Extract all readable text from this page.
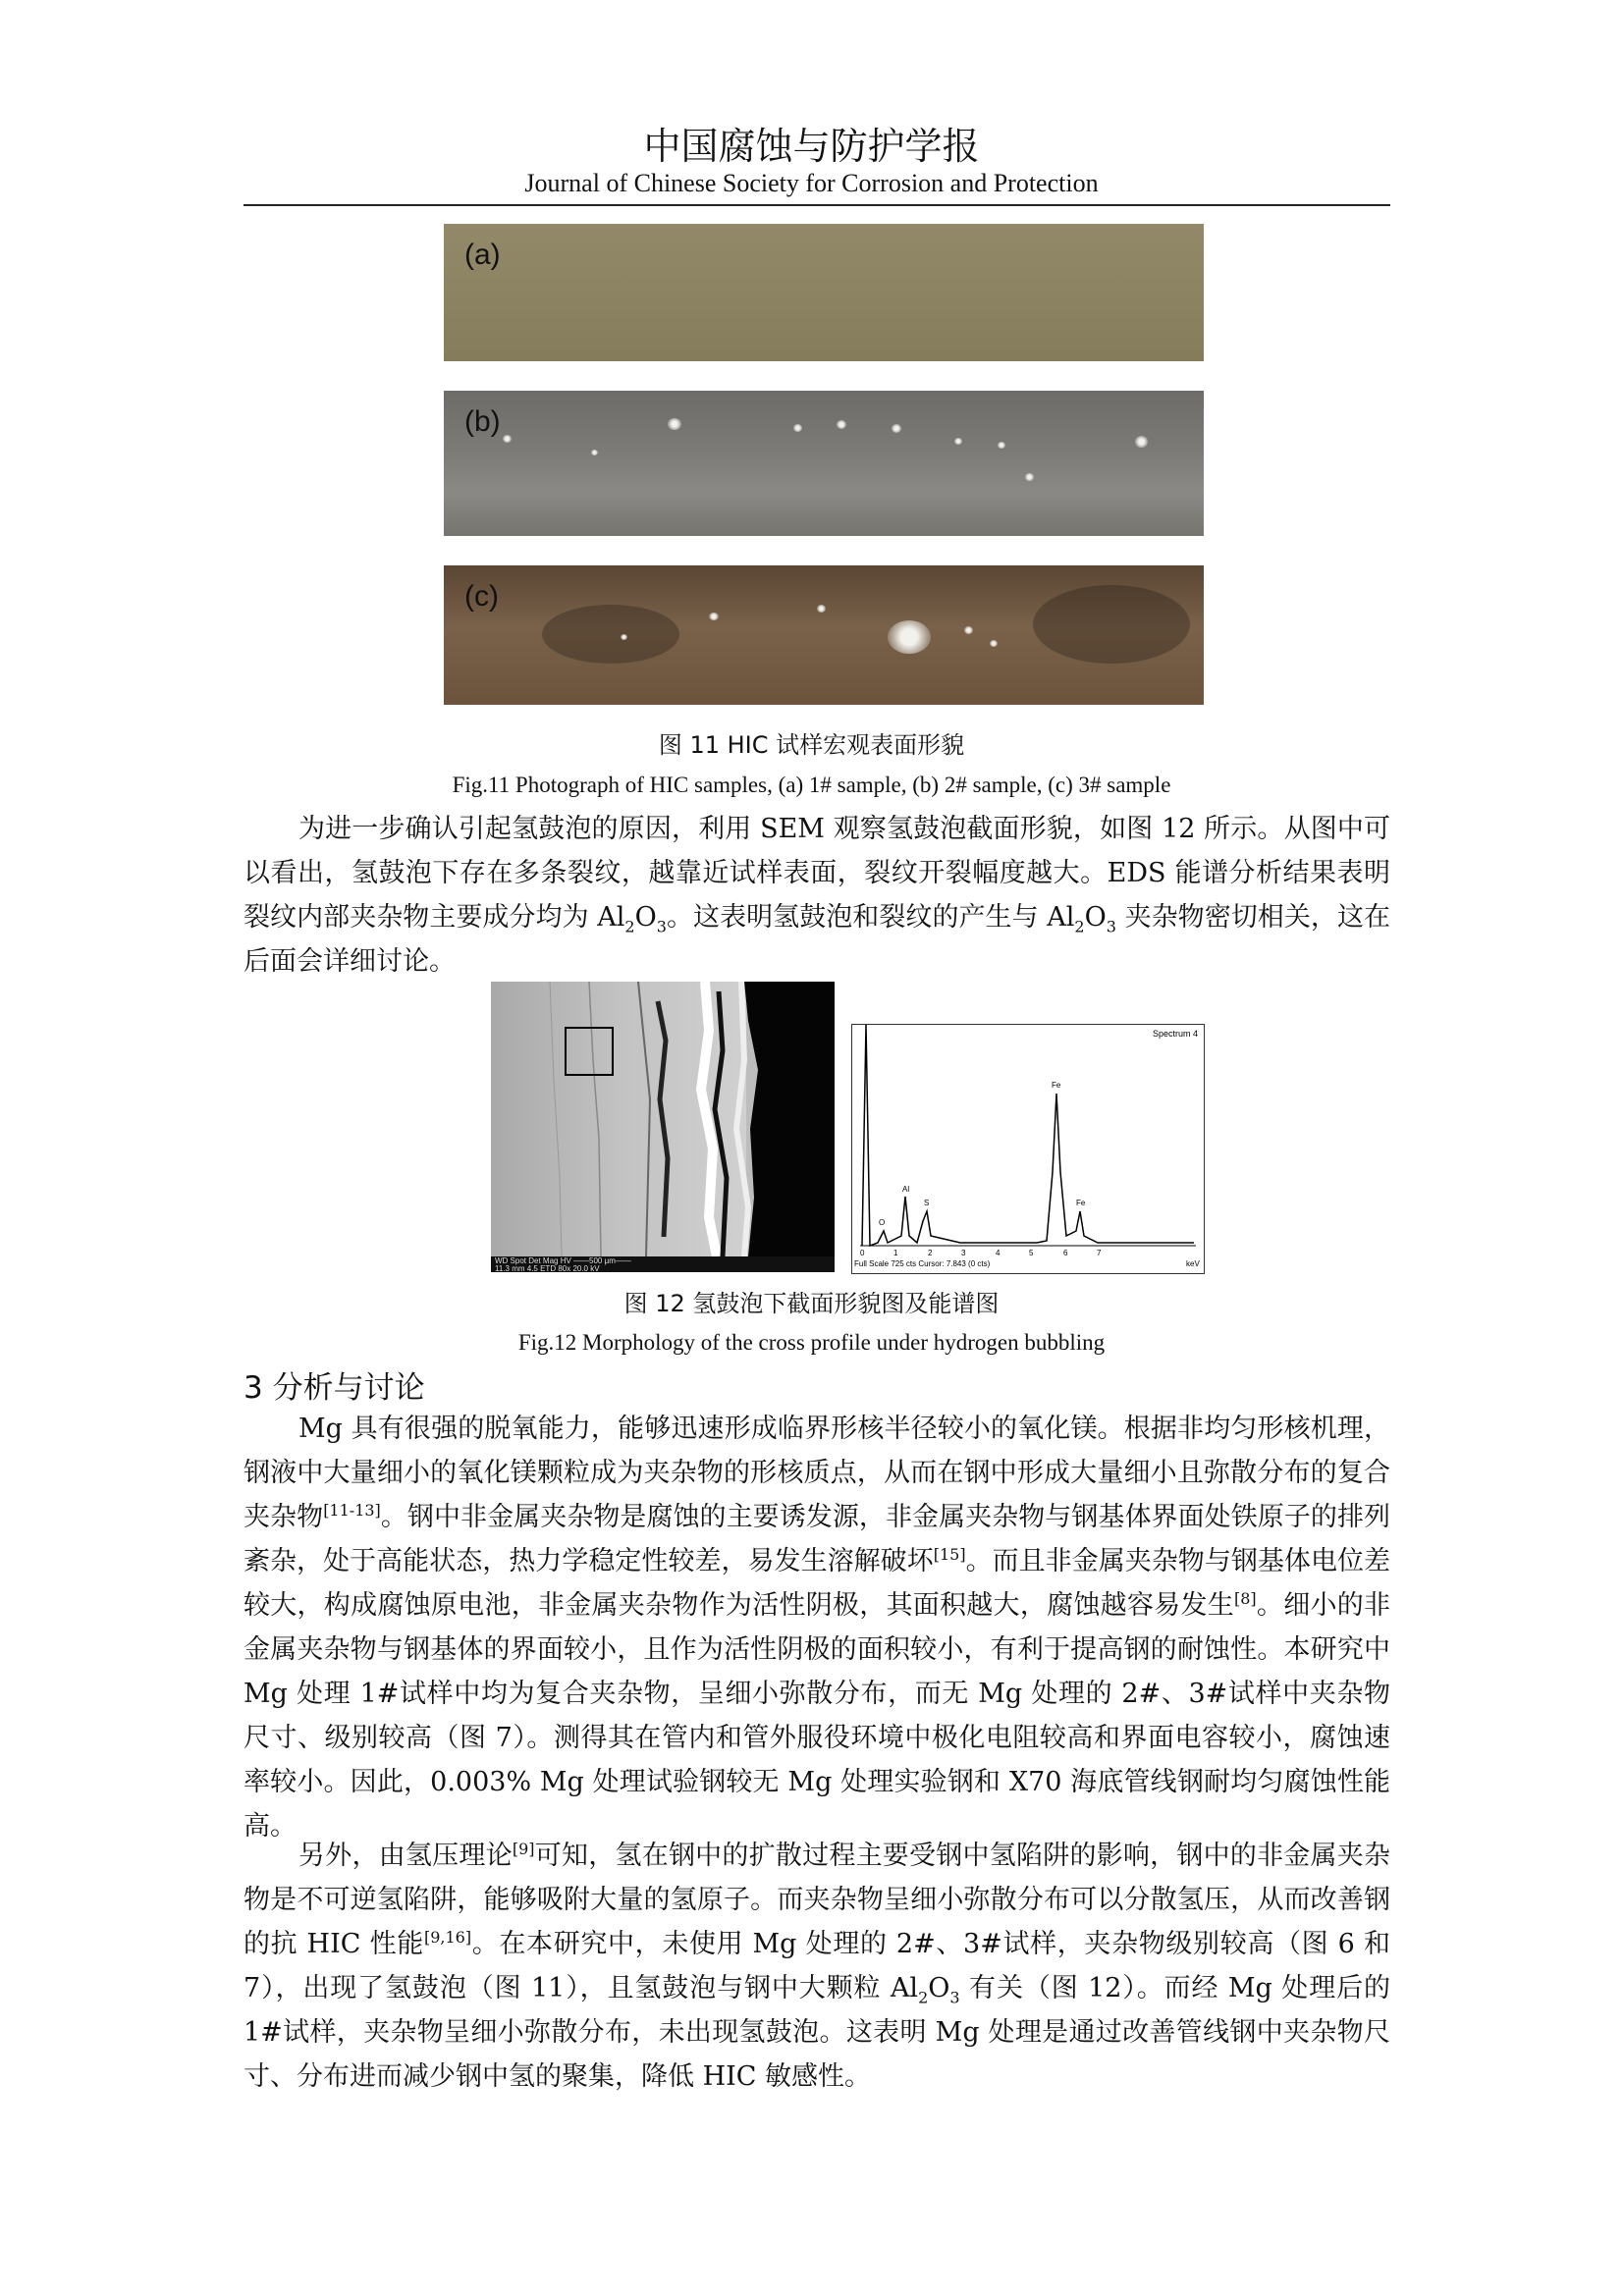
中国腐蚀与防护学报
Journal of Chinese Society for Corrosion and Protection
(a)
(b)
(c)
图 11 HIC 试样宏观表面形貌
Fig.11 Photograph of HIC samples, (a) 1# sample, (b) 2# sample, (c) 3# sample

为进一步确认引起氢鼓泡的原因，利用 SEM 观察氢鼓泡截面形貌，如图 12 所示。从图中可以看出，氢鼓泡下存在多条裂纹，越靠近试样表面，裂纹开裂幅度越大。EDS 能谱分析结果表明裂纹内部夹杂物主要成分均为 $Al_2O_3$。这表明氢鼓泡和裂纹的产生与 $Al_2O_3$ 夹杂物密切相关，这在后面会详细讨论。

WD Spot Det Mag HV ——500 μm——
11.3 mm 4.5 ETD 80x 20.0 kV
Spectrum 4
O
Al
S
Fe
Fe
0	1	2	3	4	5	6	7
keV
Full Scale 725 cts Cursor: 7.843 (0 cts)
图 12 氢鼓泡下截面形貌图及能谱图
Fig.12 Morphology of the cross profile under hydrogen bubbling
3 分析与讨论

Mg 具有很强的脱氧能力，能够迅速形成临界形核半径较小的氧化镁。根据非均匀形核机理，钢液中大量细小的氧化镁颗粒成为夹杂物的形核质点，从而在钢中形成大量细小且弥散分布的复合夹杂物[11-13]。钢中非金属夹杂物是腐蚀的主要诱发源，非金属夹杂物与钢基体界面处铁原子的排列紊杂，处于高能状态，热力学稳定性较差，易发生溶解破坏[15]。而且非金属夹杂物与钢基体电位差较大，构成腐蚀原电池，非金属夹杂物作为活性阴极，其面积越大，腐蚀越容易发生[8]。细小的非金属夹杂物与钢基体的界面较小，且作为活性阴极的面积较小，有利于提高钢的耐蚀性。本研究中 Mg 处理 1#试样中均为复合夹杂物，呈细小弥散分布，而无 Mg 处理的 2#、3#试样中夹杂物尺寸、级别较高（图 7）。测得其在管内和管外服役环境中极化电阻较高和界面电容较小，腐蚀速率较小。因此，0.003% Mg 处理试验钢较无 Mg 处理实验钢和 X70 海底管线钢耐均匀腐蚀性能高。

另外，由氢压理论[9]可知，氢在钢中的扩散过程主要受钢中氢陷阱的影响，钢中的非金属夹杂物是不可逆氢陷阱，能够吸附大量的氢原子。而夹杂物呈细小弥散分布可以分散氢压，从而改善钢的抗 HIC 性能[9,16]。在本研究中，未使用 Mg 处理的 2#、3#试样，夹杂物级别较高（图 6 和 7），出现了氢鼓泡（图 11），且氢鼓泡与钢中大颗粒 $Al_2O_3$ 有关（图 12）。而经 Mg 处理后的 1#试样，夹杂物呈细小弥散分布，未出现氢鼓泡。这表明 Mg 处理是通过改善管线钢中夹杂物尺寸、分布进而减少钢中氢的聚集，降低 HIC 敏感性。
